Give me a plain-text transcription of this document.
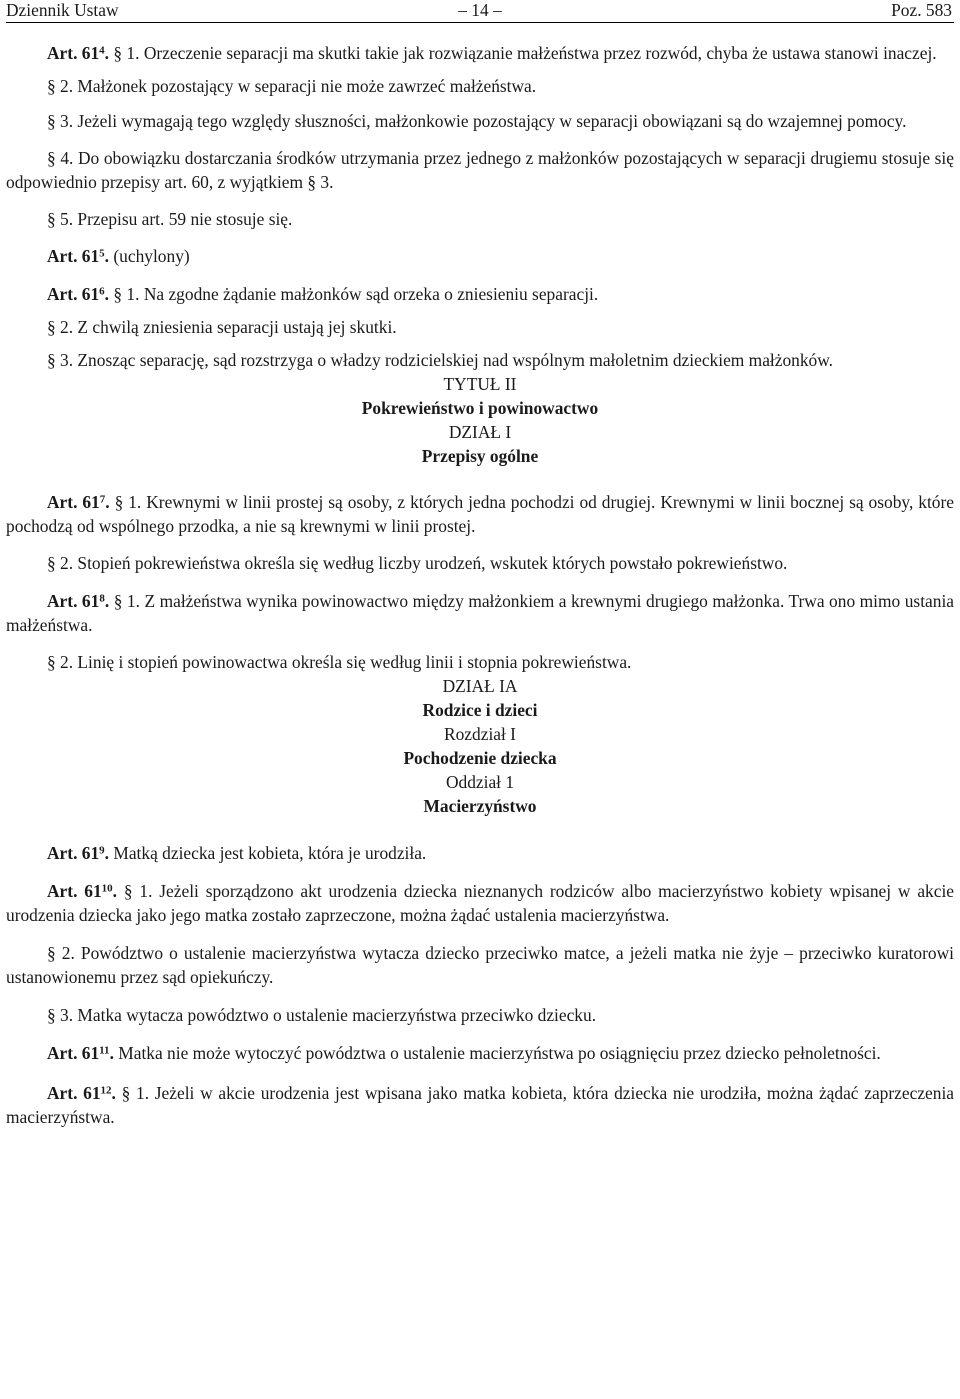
Dziennik Ustaw	– 14 –	Poz. 583

Art. $61^4$. § 1. Orzeczenie separacji ma skutki takie jak rozwiązanie małżeństwa przez rozwód, chyba że ustawa stanowi inaczej.

§ 2. Małżonek pozostający w separacji nie może zawrzeć małżeństwa.

§ 3. Jeżeli wymagają tego względy słuszności, małżonkowie pozostający w separacji obowiązani są do wzajemnej pomocy.

§ 4. Do obowiązku dostarczania środków utrzymania przez jednego z małżonków pozostających w separacji drugiemu stosuje się odpowiednio przepisy art. 60, z wyjątkiem § 3.

§ 5. Przepisu art. 59 nie stosuje się.

Art. $61^5$. (uchylony)

Art. $61^6$. § 1. Na zgodne żądanie małżonków sąd orzeka o zniesieniu separacji.

§ 2. Z chwilą zniesienia separacji ustają jej skutki.

§ 3. Znosząc separację, sąd rozstrzyga o władzy rodzicielskiej nad wspólnym małoletnim dzieckiem małżonków.

TYTUŁ II
Pokrewieństwo i powinowactwo
DZIAŁ I
Przepisy ogólne

Art. $61^7$. § 1. Krewnymi w linii prostej są osoby, z których jedna pochodzi od drugiej. Krewnymi w linii bocznej są osoby, które pochodzą od wspólnego przodka, a nie są krewnymi w linii prostej.

§ 2. Stopień pokrewieństwa określa się według liczby urodzeń, wskutek których powstało pokrewieństwo.

Art. $61^8$. § 1. Z małżeństwa wynika powinowactwo między małżonkiem a krewnymi drugiego małżonka. Trwa ono mimo ustania małżeństwa.

§ 2. Linię i stopień powinowactwa określa się według linii i stopnia pokrewieństwa.

DZIAŁ IA
Rodzice i dzieci
Rozdział I
Pochodzenie dziecka
Oddział 1
Macierzyństwo

Art. $61^9$. Matką dziecka jest kobieta, która je urodziła.

Art. $61^{10}$. § 1. Jeżeli sporządzono akt urodzenia dziecka nieznanych rodziców albo macierzyństwo kobiety wpisanej w akcie urodzenia dziecka jako jego matka zostało zaprzeczone, można żądać ustalenia macierzyństwa.

§ 2. Powództwo o ustalenie macierzyństwa wytacza dziecko przeciwko matce, a jeżeli matka nie żyje – przeciwko kuratorowi ustanowionemu przez sąd opiekuńczy.

§ 3. Matka wytacza powództwo o ustalenie macierzyństwa przeciwko dziecku.

Art. $61^{11}$. Matka nie może wytoczyć powództwa o ustalenie macierzyństwa po osiągnięciu przez dziecko pełnoletności.

Art. $61^{12}$. § 1. Jeżeli w akcie urodzenia jest wpisana jako matka kobieta, która dziecka nie urodziła, można żądać zaprzeczenia macierzyństwa.
